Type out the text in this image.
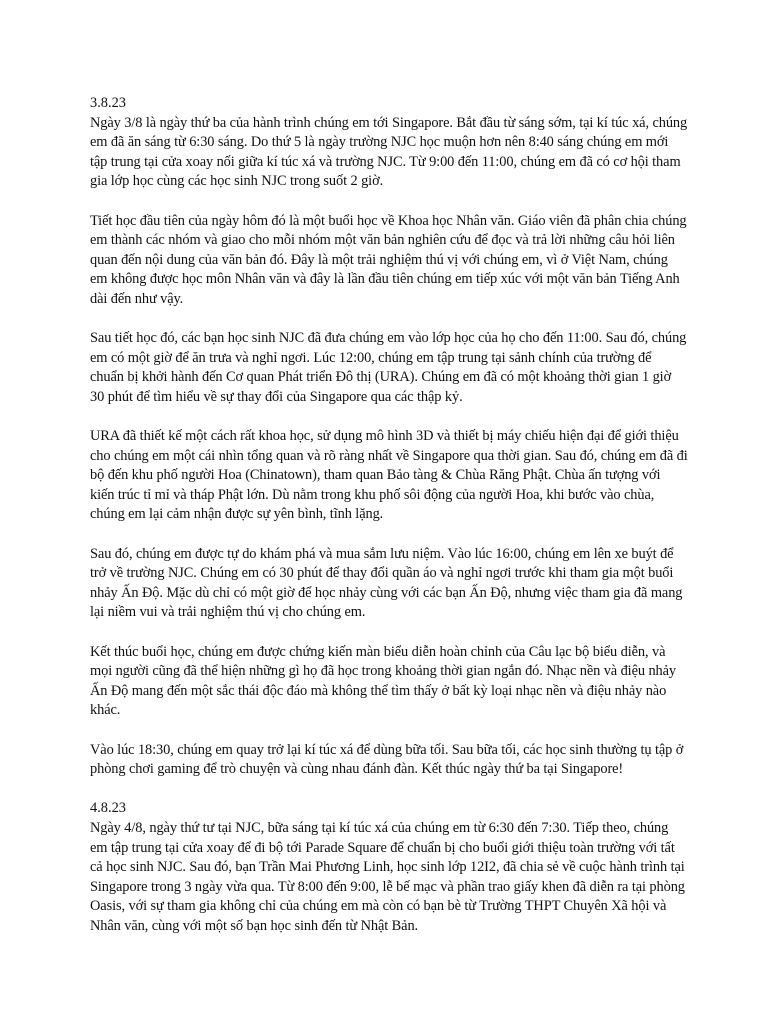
3.8.23

Ngày 3/8 là ngày thứ ba của hành trình chúng em tới Singapore. Bắt đầu từ sáng sớm, tại kí túc xá, chúng em đã ăn sáng từ 6:30 sáng. Do thứ 5 là ngày trường NJC học muộn hơn nên 8:40 sáng chúng em mới tập trung tại cửa xoay nối giữa kí túc xá và trường NJC. Từ 9:00 đến 11:00, chúng em đã có cơ hội tham gia lớp học cùng các học sinh NJC trong suốt 2 giờ.

Tiết học đầu tiên của ngày hôm đó là một buổi học về Khoa học Nhân văn. Giáo viên đã phân chia chúng em thành các nhóm và giao cho mỗi nhóm một văn bản nghiên cứu để đọc và trả lời những câu hỏi liên quan đến nội dung của văn bản đó. Đây là một trải nghiệm thú vị với chúng em, vì ở Việt Nam, chúng em không được học môn Nhân văn và đây là lần đầu tiên chúng em tiếp xúc với một văn bản Tiếng Anh dài đến như vậy.

Sau tiết học đó, các bạn học sinh NJC đã đưa chúng em vào lớp học của họ cho đến 11:00. Sau đó, chúng em có một giờ để ăn trưa và nghỉ ngơi. Lúc 12:00, chúng em tập trung tại sảnh chính của trường để chuẩn bị khởi hành đến Cơ quan Phát triển Đô thị (URA). Chúng em đã có một khoảng thời gian 1 giờ 30 phút để tìm hiểu về sự thay đổi của Singapore qua các thập kỷ.

URA đã thiết kế một cách rất khoa học, sử dụng mô hình 3D và thiết bị máy chiếu hiện đại để giới thiệu cho chúng em một cái nhìn tổng quan và rõ ràng nhất về Singapore qua thời gian. Sau đó, chúng em đã đi bộ đến khu phố người Hoa (Chinatown), tham quan Bảo tàng & Chùa Răng Phật. Chùa ấn tượng với kiến trúc tỉ mỉ và tháp Phật lớn. Dù nằm trong khu phố sôi động của người Hoa, khi bước vào chùa, chúng em lại cảm nhận được sự yên bình, tĩnh lặng.

Sau đó, chúng em được tự do khám phá và mua sắm lưu niệm. Vào lúc 16:00, chúng em lên xe buýt để trở về trường NJC. Chúng em có 30 phút để thay đổi quần áo và nghỉ ngơi trước khi tham gia một buổi nhảy Ấn Độ. Mặc dù chỉ có một giờ để học nhảy cùng với các bạn Ấn Độ, nhưng việc tham gia đã mang lại niềm vui và trải nghiệm thú vị cho chúng em.

Kết thúc buổi học, chúng em được chứng kiến màn biểu diễn hoàn chỉnh của Câu lạc bộ biểu diễn, và mọi người cũng đã thể hiện những gì họ đã học trong khoảng thời gian ngắn đó. Nhạc nền và điệu nhảy Ấn Độ mang đến một sắc thái độc đáo mà không thể tìm thấy ở bất kỳ loại nhạc nền và điệu nhảy nào khác.

Vào lúc 18:30, chúng em quay trở lại kí túc xá để dùng bữa tối. Sau bữa tối, các học sinh thường tụ tập ở phòng chơi gaming để trò chuyện và cùng nhau đánh đàn. Kết thúc ngày thứ ba tại Singapore!

4.8.23

Ngày 4/8, ngày thứ tư tại NJC, bữa sáng tại kí túc xá của chúng em từ 6:30 đến 7:30. Tiếp theo, chúng em tập trung tại cửa xoay để đi bộ tới Parade Square để chuẩn bị cho buổi giới thiệu toàn trường với tất cả học sinh NJC. Sau đó, bạn Trần Mai Phương Linh, học sinh lớp 12I2, đã chia sẻ về cuộc hành trình tại Singapore trong 3 ngày vừa qua. Từ 8:00 đến 9:00, lễ bế mạc và phần trao giấy khen đã diễn ra tại phòng Oasis, với sự tham gia không chỉ của chúng em mà còn có bạn bè từ Trường THPT Chuyên Xã hội và Nhân văn, cùng với một số bạn học sinh đến từ Nhật Bản.
